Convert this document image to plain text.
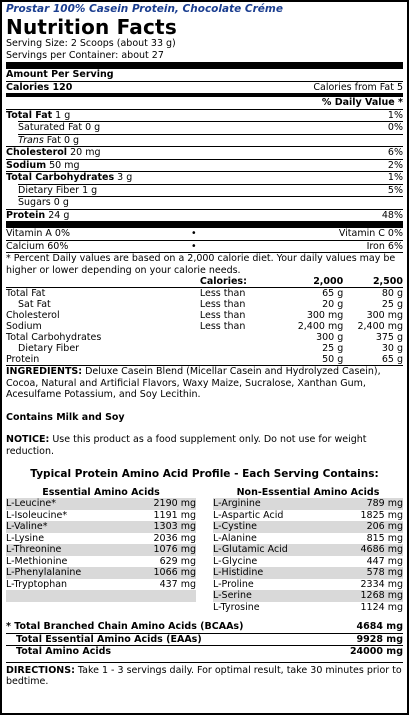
Prostar 100% Casein Protein, Chocolate Créme
Nutrition Facts
Serving Size: 2 Scoops (about 33 g)
Servings per Container: about 27
Amount Per Serving
Calories 120	Calories from Fat 5
% Daily Value *
Total Fat 1 g	1%
Saturated Fat 0 g	0%
Trans Fat 0 g
Cholesterol 20 mg	6%
Sodium 50 mg	2%
Total Carbohydrates 3 g	1%
Dietary Fiber 1 g	5%
Sugars 0 g
Protein 24 g	48%
Vitamin A 0%	•	Vitamin C 0%
Calcium 60%	•	Iron 6%
* Percent Daily values are based on a 2,000 calorie diet. Your daily values may be higher or lower depending on your calorie needs.
	Calories:	2,000	2,500
Total Fat	Less than	65 g	80 g
Sat Fat	Less than	20 g	25 g
Cholesterol	Less than	300 mg	300 mg
Sodium	Less than	2,400 mg	2,400 mg
Total Carbohydrates		300 g	375 g
Dietary Fiber		25 g	30 g
Protein		50 g	65 g
INGREDIENTS: Deluxe Casein Blend (Micellar Casein and Hydrolyzed Casein), Cocoa, Natural and Artificial Flavors, Waxy Maize, Sucralose, Xanthan Gum, Acesulfame Potassium, and Soy Lecithin.
Contains Milk and Soy
NOTICE: Use this product as a food supplement only. Do not use for weight reduction.
Typical Protein Amino Acid Profile - Each Serving Contains:
Essential Amino Acids
L-Leucine*	2190 mg
L-Isoleucine*	1191 mg
L-Valine*	1303 mg
L-Lysine	2036 mg
L-Threonine	1076 mg
L-Methionine	629 mg
L-Phenylalanine	1066 mg
L-Tryptophan	437 mg
Non-Essential Amino Acids
L-Arginine	789 mg
L-Aspartic Acid	1825 mg
L-Cystine	206 mg
L-Alanine	815 mg
L-Glutamic Acid	4686 mg
L-Glycine	447 mg
L-Histidine	578 mg
L-Proline	2334 mg
L-Serine	1268 mg
L-Tyrosine	1124 mg
* Total Branched Chain Amino Acids (BCAAs)	4684 mg
Total Essential Amino Acids (EAAs)	9928 mg
Total Amino Acids	24000 mg
DIRECTIONS: Take 1 - 3 servings daily. For optimal result, take 30 minutes prior to bedtime.
